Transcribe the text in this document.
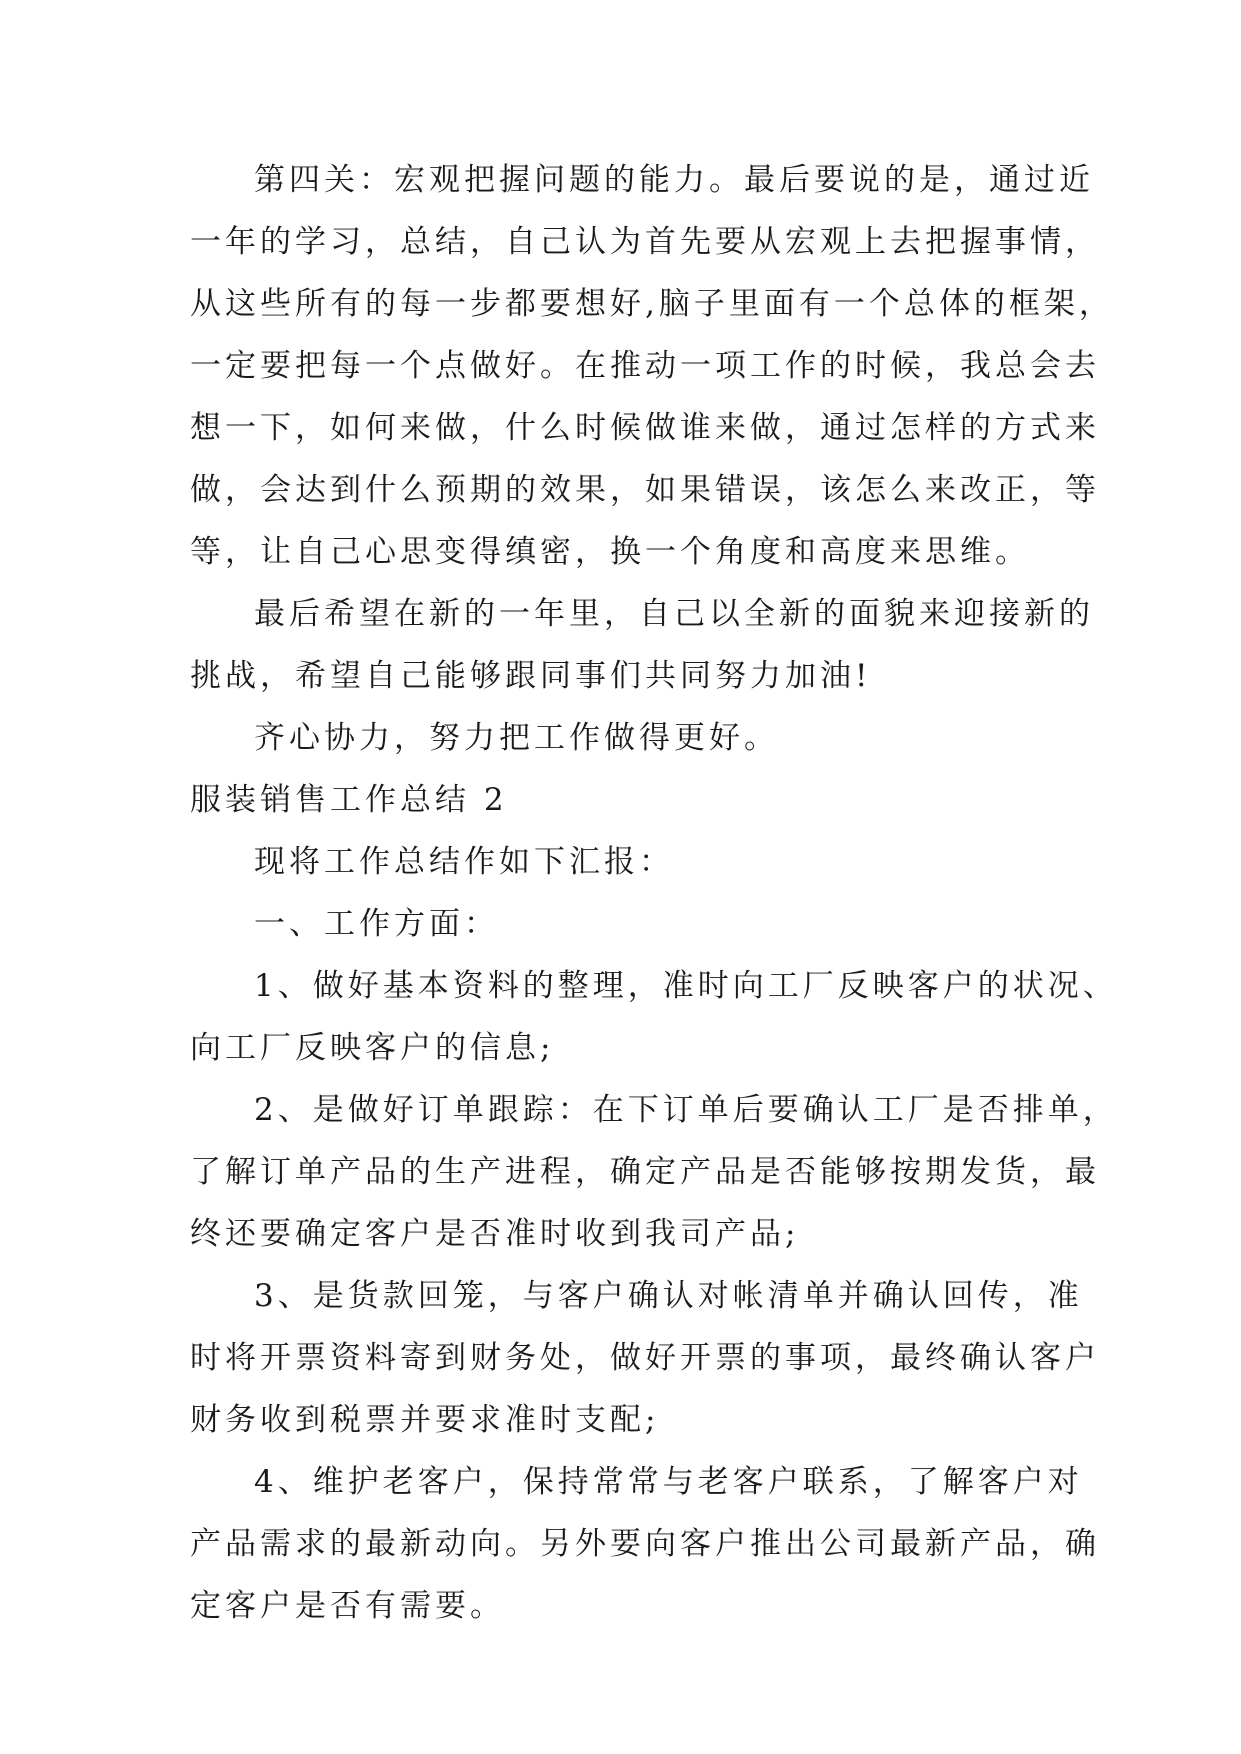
第四关：宏观把握问题的能力。最后要说的是，通过近
一年的学习，总结，自己认为首先要从宏观上去把握事情，
从这些所有的每一步都要想好,脑子里面有一个总体的框架，
一定要把每一个点做好。在推动一项工作的时候，我总会去
想一下，如何来做，什么时候做谁来做，通过怎样的方式来
做，会达到什么预期的效果，如果错误，该怎么来改正，等
等，让自己心思变得缜密，换一个角度和高度来思维。
最后希望在新的一年里，自己以全新的面貌来迎接新的
挑战，希望自己能够跟同事们共同努力加油!
齐心协力，努力把工作做得更好。
服装销售工作总结 2
现将工作总结作如下汇报：
一、工作方面：
1、做好基本资料的整理，准时向工厂反映客户的状况、
向工厂反映客户的信息;
2、是做好订单跟踪：在下订单后要确认工厂是否排单，
了解订单产品的生产进程，确定产品是否能够按期发货，最
终还要确定客户是否准时收到我司产品;
3、是货款回笼，与客户确认对帐清单并确认回传，准
时将开票资料寄到财务处，做好开票的事项，最终确认客户
财务收到税票并要求准时支配;
4、维护老客户，保持常常与老客户联系，了解客户对
产品需求的最新动向。另外要向客户推出公司最新产品，确
定客户是否有需要。
